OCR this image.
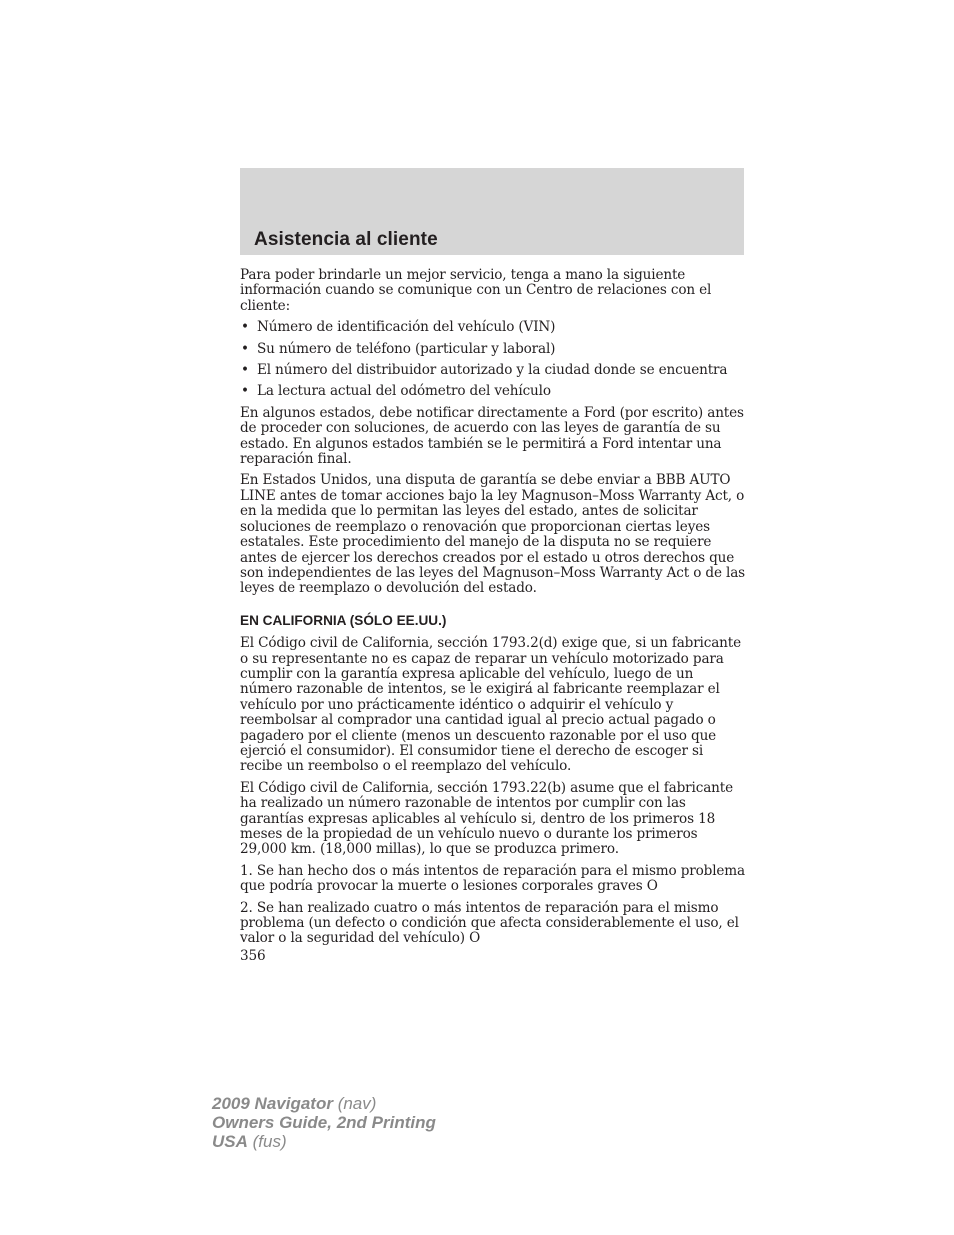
Asistencia al cliente

Para poder brindarle un mejor servicio, tenga a mano la siguiente información cuando se comunique con un Centro de relaciones con el cliente:

• Número de identificación del vehículo (VIN)
• Su número de teléfono (particular y laboral)
• El número del distribuidor autorizado y la ciudad donde se encuentra
• La lectura actual del odómetro del vehículo

En algunos estados, debe notificar directamente a Ford (por escrito) antes de proceder con soluciones, de acuerdo con las leyes de garantía de su estado. En algunos estados también se le permitirá a Ford intentar una reparación final.

En Estados Unidos, una disputa de garantía se debe enviar a BBB AUTO LINE antes de tomar acciones bajo la ley Magnuson–Moss Warranty Act, o en la medida que lo permitan las leyes del estado, antes de solicitar soluciones de reemplazo o renovación que proporcionan ciertas leyes estatales. Este procedimiento del manejo de la disputa no se requiere antes de ejercer los derechos creados por el estado u otros derechos que son independientes de las leyes del Magnuson–Moss Warranty Act o de las leyes de reemplazo o devolución del estado.

EN CALIFORNIA (SÓLO EE.UU.)

El Código civil de California, sección 1793.2(d) exige que, si un fabricante o su representante no es capaz de reparar un vehículo motorizado para cumplir con la garantía expresa aplicable del vehículo, luego de un número razonable de intentos, se le exigirá al fabricante reemplazar el vehículo por uno prácticamente idéntico o adquirir el vehículo y reembolsar al comprador una cantidad igual al precio actual pagado o pagadero por el cliente (menos un descuento razonable por el uso que ejerció el consumidor). El consumidor tiene el derecho de escoger si recibe un reembolso o el reemplazo del vehículo.

El Código civil de California, sección 1793.22(b) asume que el fabricante ha realizado un número razonable de intentos por cumplir con las garantías expresas aplicables al vehículo si, dentro de los primeros 18 meses de la propiedad de un vehículo nuevo o durante los primeros 29,000 km. (18,000 millas), lo que se produzca primero.

1. Se han hecho dos o más intentos de reparación para el mismo problema que podría provocar la muerte o lesiones corporales graves O

2. Se han realizado cuatro o más intentos de reparación para el mismo problema (un defecto o condición que afecta considerablemente el uso, el valor o la seguridad del vehículo) O

356
2009 Navigator (nav)
Owners Guide, 2nd Printing
USA (fus)
